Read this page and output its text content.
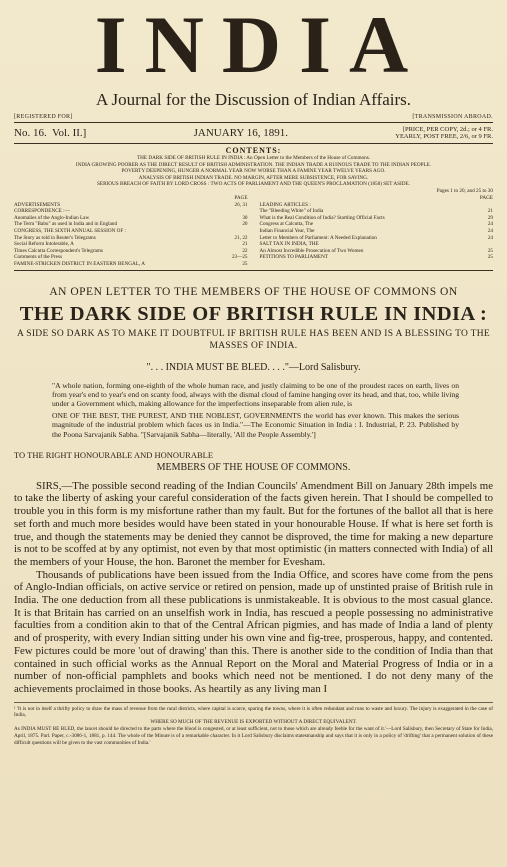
INDIA
A Journal for the Discussion of Indian Affairs.
[REGISTERED FOR]	[TRANSMISSION ABROAD.
No. 16. Vol. II.]	JANUARY 16, 1891.	[PRICE, PER COPY, 2d.; or 4 FR.
YEARLY, POST FREE, 2/6, or 9 FR.
CONTENTS:
THE DARK SIDE OF BRITISH RULE IN INDIA : An Open Letter to the Members of the House of Commons.
INDIA GROWING POORER AS THE DIRECT RESULT OF BRITISH ADMINISTRATION. THE INDIAN TRADE A RUINOUS TRADE TO THE INDIAN PEOPLE.
POVERTY DEEPENING, HUNGER A NORMAL YEAR NOW WORSE THAN A FAMINE YEAR TWELVE YEARS AGO.
ANALYSIS OF BRITISH INDIAN TRADE. NO MARGIN, AFTER MERE SUBSISTENCE, FOR SAVING.
SERIOUS BREACH OF FAITH BY LORD CROSS : TWO ACTS OF PARLIAMENT AND THE QUEEN'S PROCLAMATION (1858) SET ASIDE.
Pages 1 to 20, and 25 to 30
PAGE
ADVERTISEMENTS	26, 31
CORRESPONDENCE :—
Anomalies of the Anglo-Indian Law	30
The Term "Babu" as used in India and in England	20
CONGRESS, THE SIXTH ANNUAL SESSION OF :
The Story as told in Reuter's Telegrams	21, 22
Social Reform Intolerable, A	21
Times Calcutta Correspondent's Telegrams	22
Comments of the Press	23—25
FAMINE-STRICKEN DISTRICT IN EASTERN BENGAL, A	25
PAGE
LEADING ARTICLES :
The "Bleeding White" of India	21
What is the Real Condition of India? Startling Official Facts	29
Congress at Calcutta, The	24
Indian Financial Year, The	24
Letter to Members of Parliament: A Needed Explanation	24
SALT TAX IN INDIA, THE
An Almost Incredible Prosecution of Two Women	25
PETITIONS TO PARLIAMENT	25
AN OPEN LETTER TO THE MEMBERS OF THE HOUSE OF COMMONS ON
THE DARK SIDE OF BRITISH RULE IN INDIA :
A SIDE SO DARK AS TO MAKE IT DOUBTFUL IF BRITISH RULE HAS BEEN AND IS A BLESSING TO THE MASSES OF INDIA.
". . . INDIA MUST BE BLED. . . ."—Lord Salisbury.
"A whole nation, forming one-eighth of the whole human race, and justly claiming to be one of the proudest races on earth, lives on from year's end to year's end on scanty food, always with the dismal cloud of famine hanging over its head, and that, too, while living under a Government which, making allowance for the imperfections inseparable from alien rule, is
ONE OF THE BEST, THE PUREST, AND THE NOBLEST, GOVERNMENTS the world has ever known. This makes the serious magnitude of the industrial problem which faces us in India."—The Economic Situation in India : I. Industrial, P. 23. Published by the Poona Sarvajanik Sabha. "[Sarvajanik Sabha—literally, 'All the People Assembly.']
TO THE RIGHT HONOURABLE AND HONOURABLE
MEMBERS OF THE HOUSE OF COMMONS.

SIRS,—The possible second reading of the Indian Councils' Amendment Bill on January 28th impels me to take the liberty of asking your careful consideration of the facts given herein. That I should be compelled to trouble you in this form is my misfortune rather than my fault. But for the fortunes of the ballot all that is here set forth and much more besides would have been stated in your honourable House. If what is here set forth is true, and though the statements may be denied they cannot be disproved, the time for making a new departure is not to be scoffed at by any optimist, not even by that most optimistic (in matters connected with India) of all the members of your House, the hon. Baronet the member for Evesham.

Thousands of publications have been issued from the India Office, and scores have come from the pens of Anglo-Indian officials, on active service or retired on pension, made up of unstinted praise of British rule in India. The one deduction from all these publications is unmistakeable. It is obvious to the most casual glance. It is that Britain has carried on an unselfish work in India, has rescued a people possessing no administrative faculties from a condition akin to that of the Central African pigmies, and has made of India a land of plenty and of prosperity, with every Indian sitting under his own vine and fig-tree, prosperous, happy, and contented. Few pictures could be more 'out of drawing' than this. There is another side to the condition of India than that contained in such official works as the Annual Report on the Moral and Material Progress of India or in a number of non-official pamphlets and books which need not be mentioned. I do not deny many of the achievements proclaimed in those books. As heartily as any living man I

¹ 'It is not in itself a thrifty policy to draw the mass of revenue from the rural districts, where capital is scarce, sparing the towns, where it is often redundant and runs to waste and luxury. The injury is exaggerated in the case of India,
WHERE SO MUCH OF THE REVENUE IS EXPORTED WITHOUT A DIRECT EQUIVALENT.
As INDIA MUST BE BLED, the lancet should be directed to the parts where the blood is congested, or at least sufficient, not to those which are already feeble for the want of it.'—Lord Salisbury, then Secretary of State for India, April, 1875. Parl. Paper, c.-3086-1, 1881, p. 144. The whole of the Minute is of a remarkable character. In it Lord Salisbury disclaims statesmanship and says that it is only in a policy of 'drifting' that a permanent solution of these difficult questions will be given to the vast communities of India.'
